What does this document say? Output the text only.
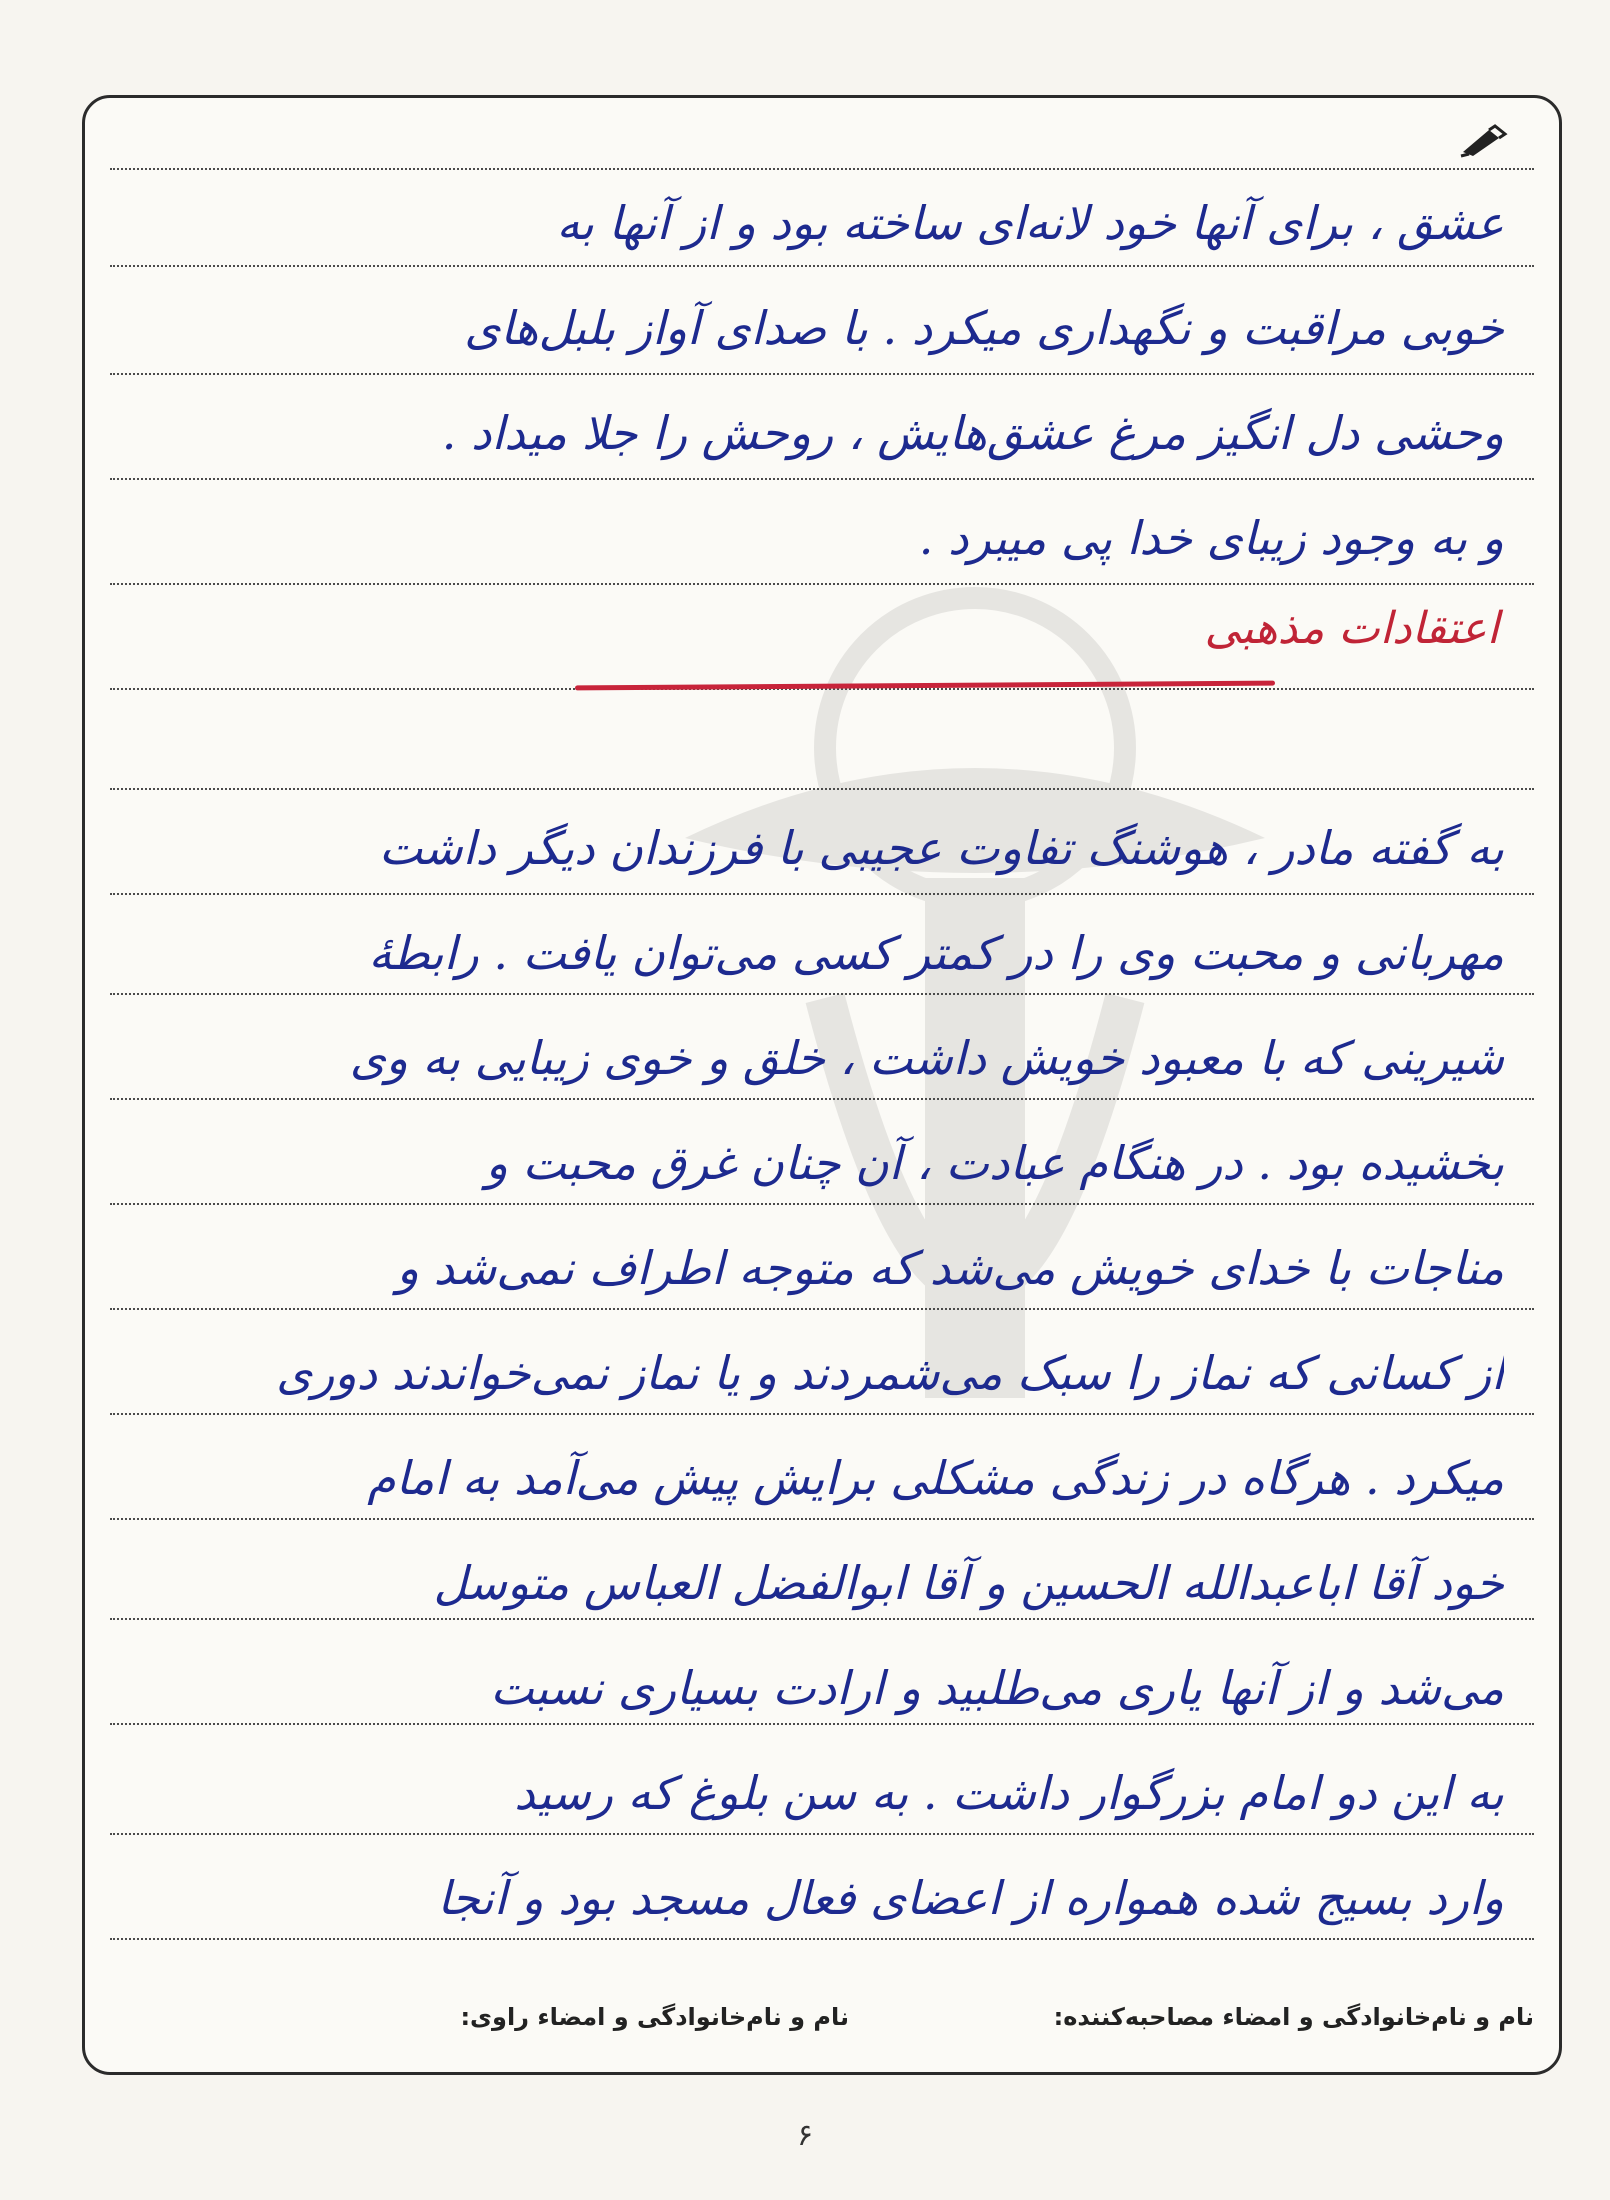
عشق ، برای آنها خود لانه‌ای ساخته بود و از آنها به
خوبی مراقبت و نگهداری میکرد . با صدای آواز بلبل‌های
وحشی دل انگیز مرغ عشق‌هایش ، روحش را جلا میداد .
و به وجود زیبای خدا پی میبرد .
اعتقادات مذهبی
به گفته مادر ، هوشنگ تفاوت عجیبی با فرزندان دیگر داشت
مهربانی و محبت وی را در کمتر کسی می‌توان یافت . رابطهٔ
شیرینی که با معبود خویش داشت ، خلق و خوی زیبایی به وی
بخشیده بود . در هنگام عبادت ، آن چنان غرق محبت و
مناجات با خدای خویش می‌شد که متوجه اطراف نمی‌شد و
از کسانی که نماز را سبک می‌شمردند و یا نماز نمی‌خواندند دوری
میکرد . هرگاه در زندگی مشکلی برایش پیش می‌آمد به امام
خود آقا اباعبدالله الحسین و آقا ابوالفضل العباس متوسل
می‌شد و از آنها یاری می‌طلبید و ارادت بسیاری نسبت
به این دو امام بزرگوار داشت . به سن بلوغ که رسید
وارد بسیج شده همواره از اعضای فعال مسجد بود و آنجا
نام و نام‌خانوادگی و امضاء مصاحبه‌کننده:
نام و نام‌خانوادگی و امضاء راوی:
۶
